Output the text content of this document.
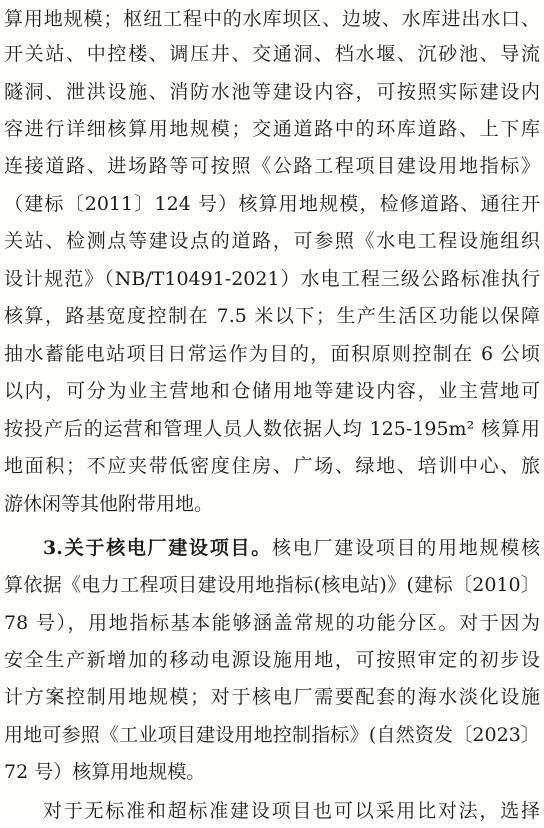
算用地规模；枢纽工程中的水库坝区、边坡、水库进出水口、
开关站、中控楼、调压井、交通洞、档水堰、沉砂池、导流
隧洞、泄洪设施、消防水池等建设内容，可按照实际建设内
容进行详细核算用地规模；交通道路中的环库道路、上下库
连接道路、进场路等可按照《公路工程项目建设用地指标》
（建标〔2011〕124 号）核算用地规模，检修道路、通往开
关站、检测点等建设点的道路，可参照《水电工程设施组织
设计规范》（NB/T10491-2021）水电工程三级公路标准执行
核算，路基宽度控制在 7.5 米以下；生产生活区功能以保障
抽水蓄能电站项目日常运作为目的，面积原则控制在 6 公顷
以内，可分为业主营地和仓储用地等建设内容，业主营地可
按投产后的运营和管理人员人数依据人均 125-195m² 核算用
地面积；不应夹带低密度住房、广场、绿地、培训中心、旅
游休闲等其他附带用地。
3.关于核电厂建设项目。核电厂建设项目的用地规模核
算依据《电力工程项目建设用地指标(核电站)》(建标〔2010〕
78 号），用地指标基本能够涵盖常规的功能分区。对于因为
安全生产新增加的移动电源设施用地，可按照审定的初步设
计方案控制用地规模；对于核电厂需要配套的海水淡化设施
用地可参照《工业项目建设用地控制指标》(自然资发〔2023〕
72 号）核算用地规模。
对于无标准和超标准建设项目也可以采用比对法，选择
